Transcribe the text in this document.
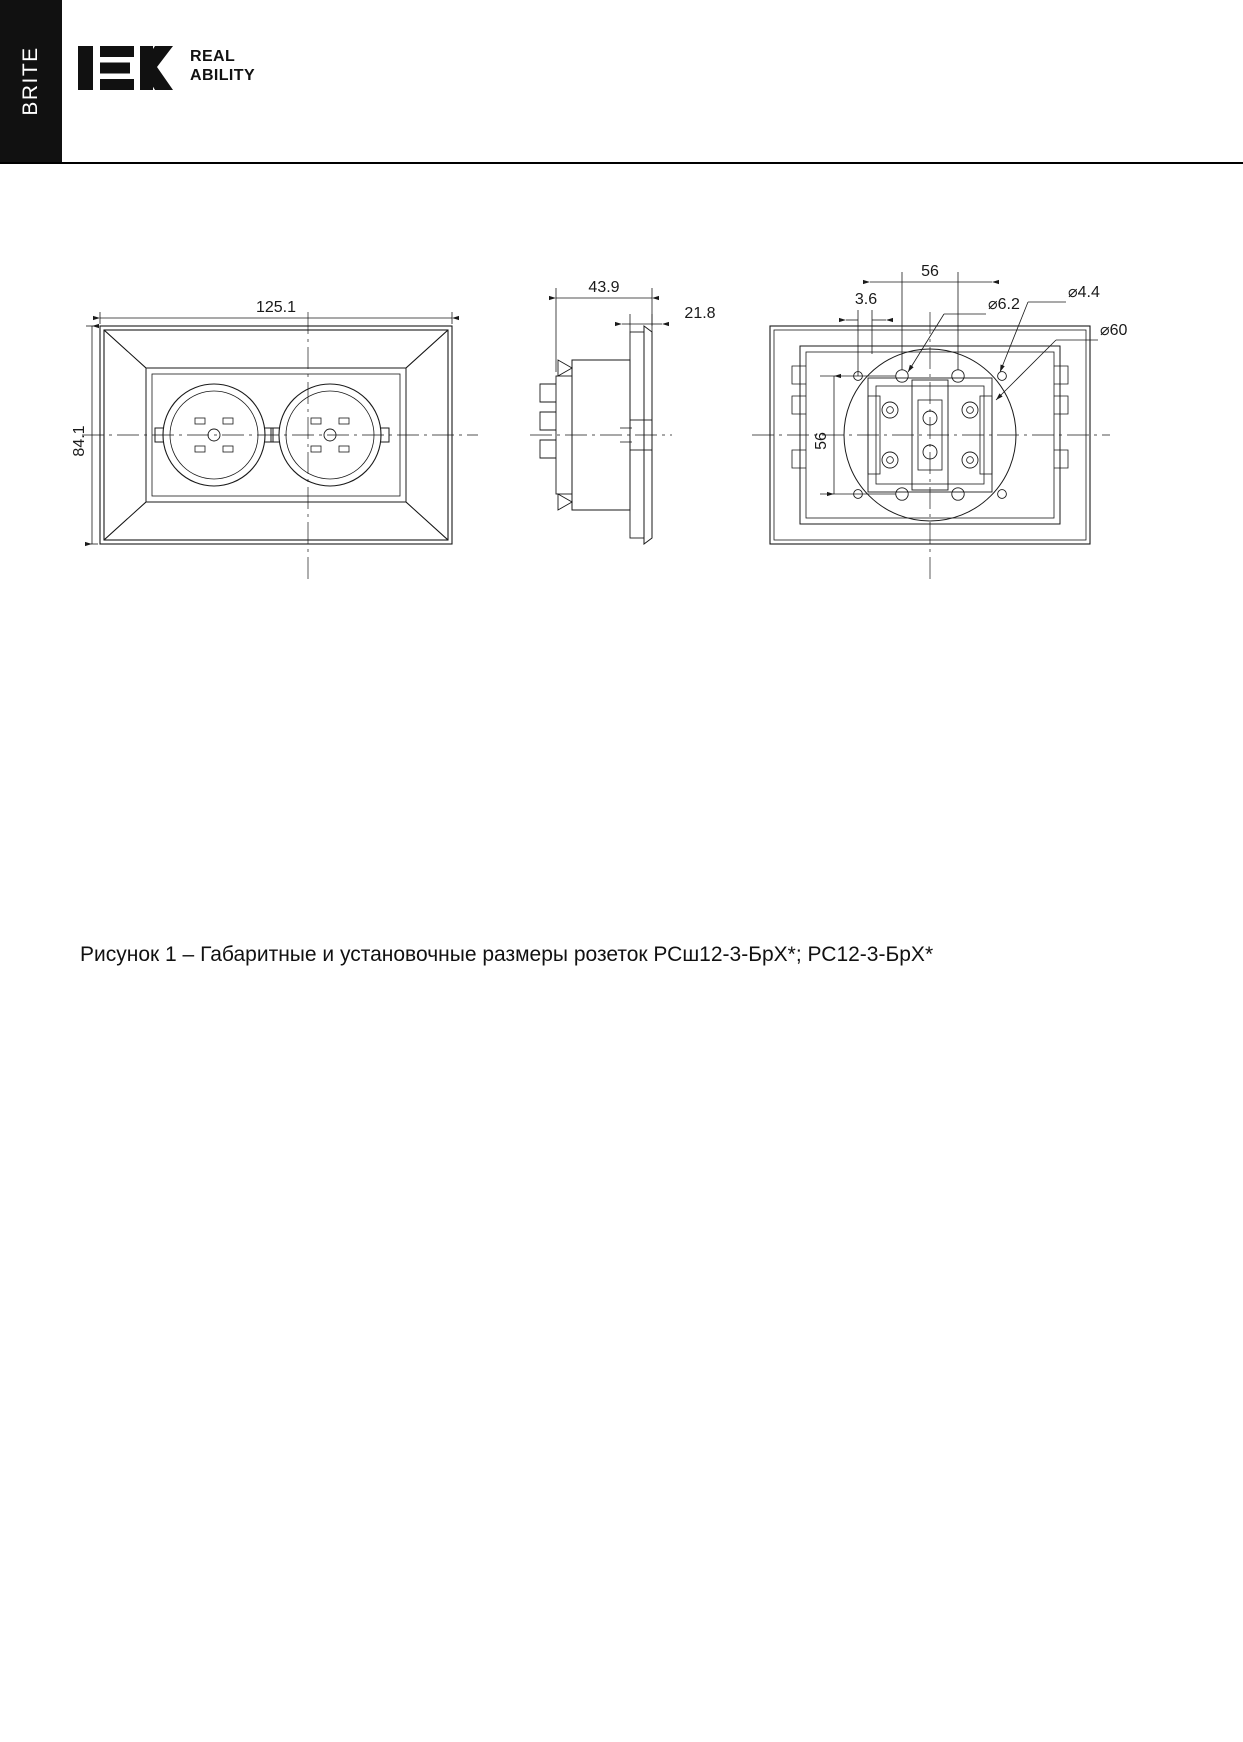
BRITE	REAL
ABILITY
125.1
84.1
43.9
21.8
56
56
3.6	⌀6.2
⌀4.4
⌀60
Рисунок 1 – Габаритные и установочные размеры розеток РСш12-3-БрХ*; РС12-3-БрХ*
